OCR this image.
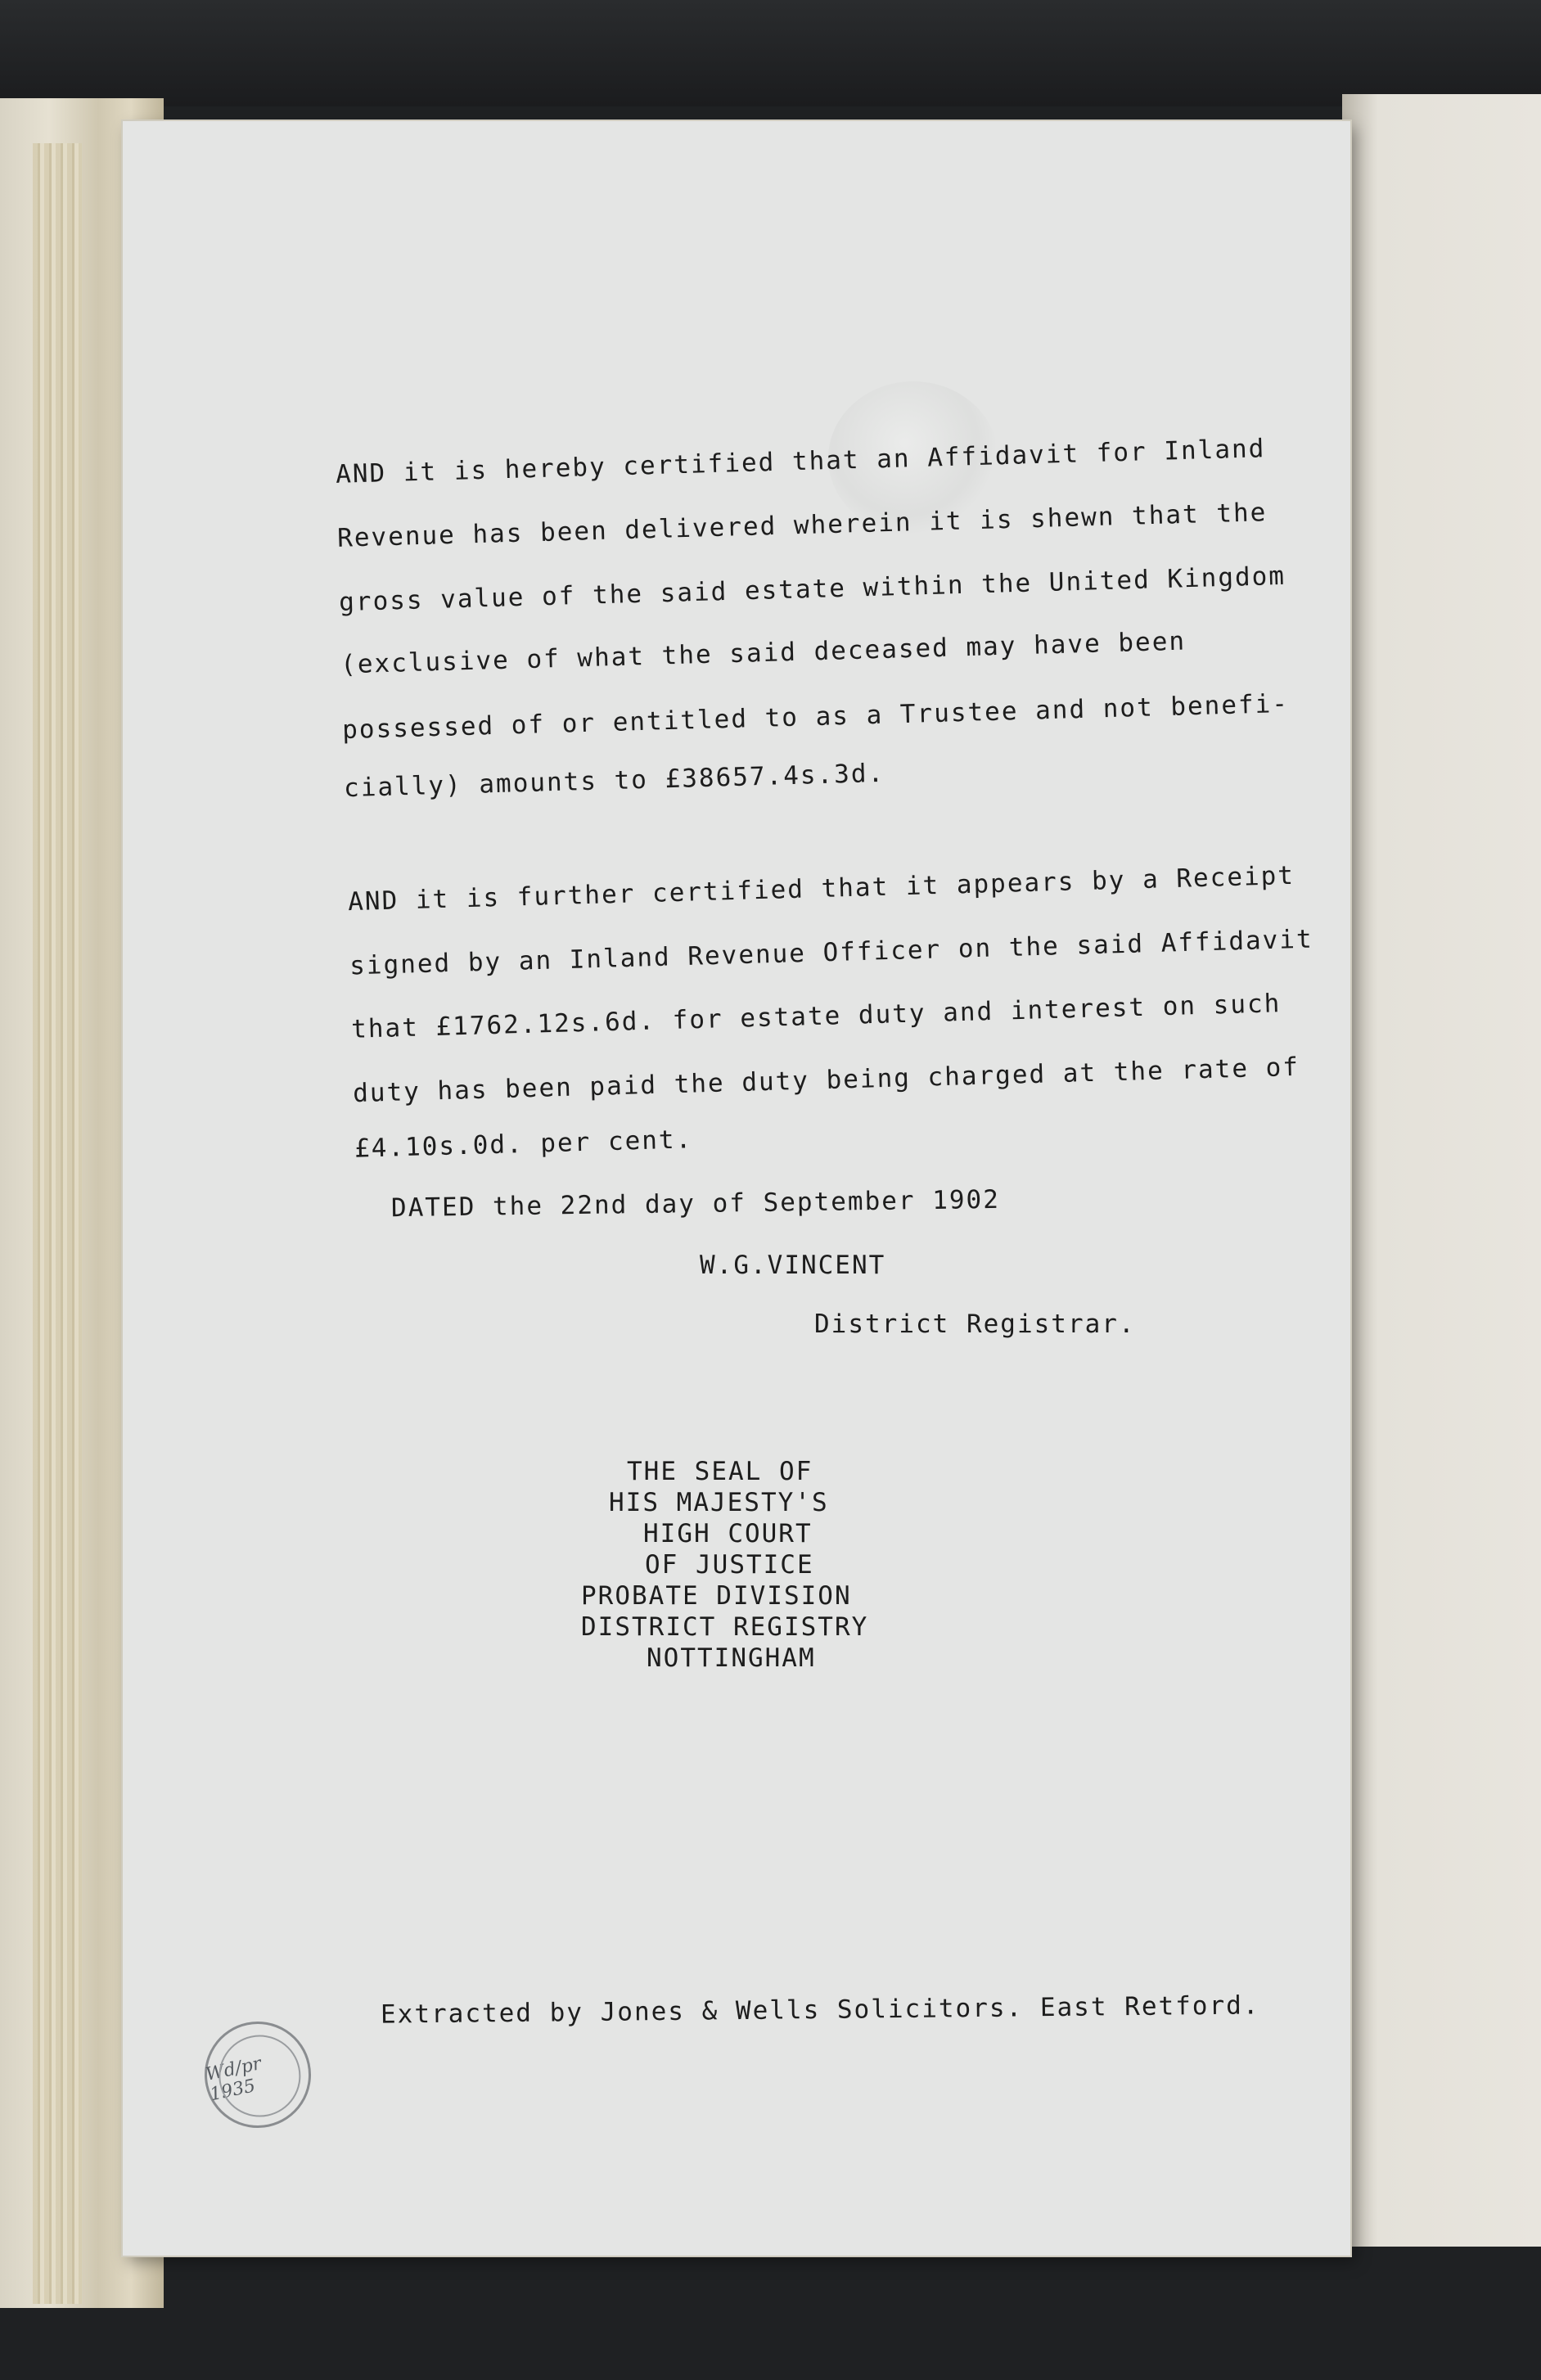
AND it is hereby certified that an Affidavit for Inland
Revenue has been delivered wherein it is shewn that the
gross value of the said estate within the United Kingdom
(exclusive of what the said deceased may have been
possessed of or entitled to as a Trustee and not benefi-
cially) amounts to £38657.4s.3d.
AND it is further certified that it appears by a Receipt
signed by an Inland Revenue Officer on the said Affidavit
that £1762.12s.6d. for estate duty and interest on such
duty has been paid the duty being charged at the rate of
£4.10s.0d. per cent.
DATED the 22nd day of September 1902
W.G.VINCENT
District Registrar.
THE SEAL OF
HIS MAJESTY'S
HIGH COURT
OF JUSTICE
PROBATE DIVISION
DISTRICT REGISTRY
NOTTINGHAM
Extracted by Jones & Wells Solicitors. East Retford.
Wd/pr 1935
